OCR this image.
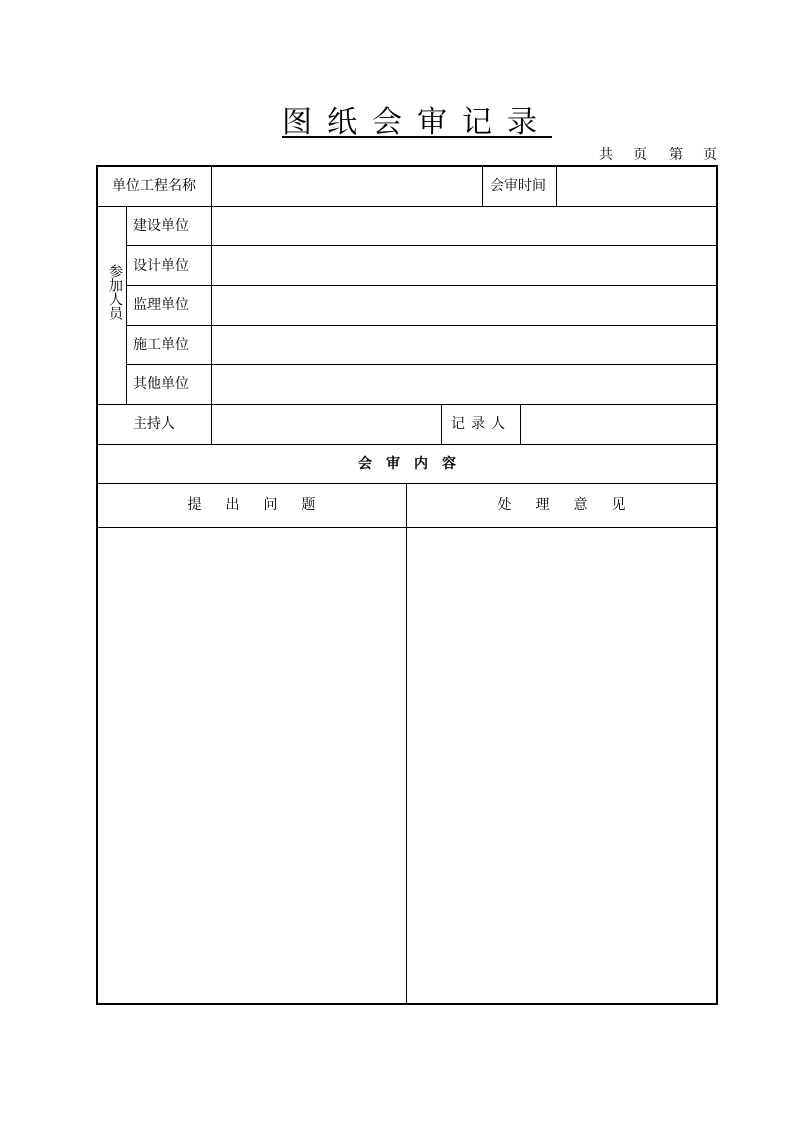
图纸会审记录
共 页 第 页
单位工程名称	会审时间
参加人员
建设单位
设计单位
监理单位
施工单位
其他单位
主持人	记录人
会审内容
提出问题	处理意见
